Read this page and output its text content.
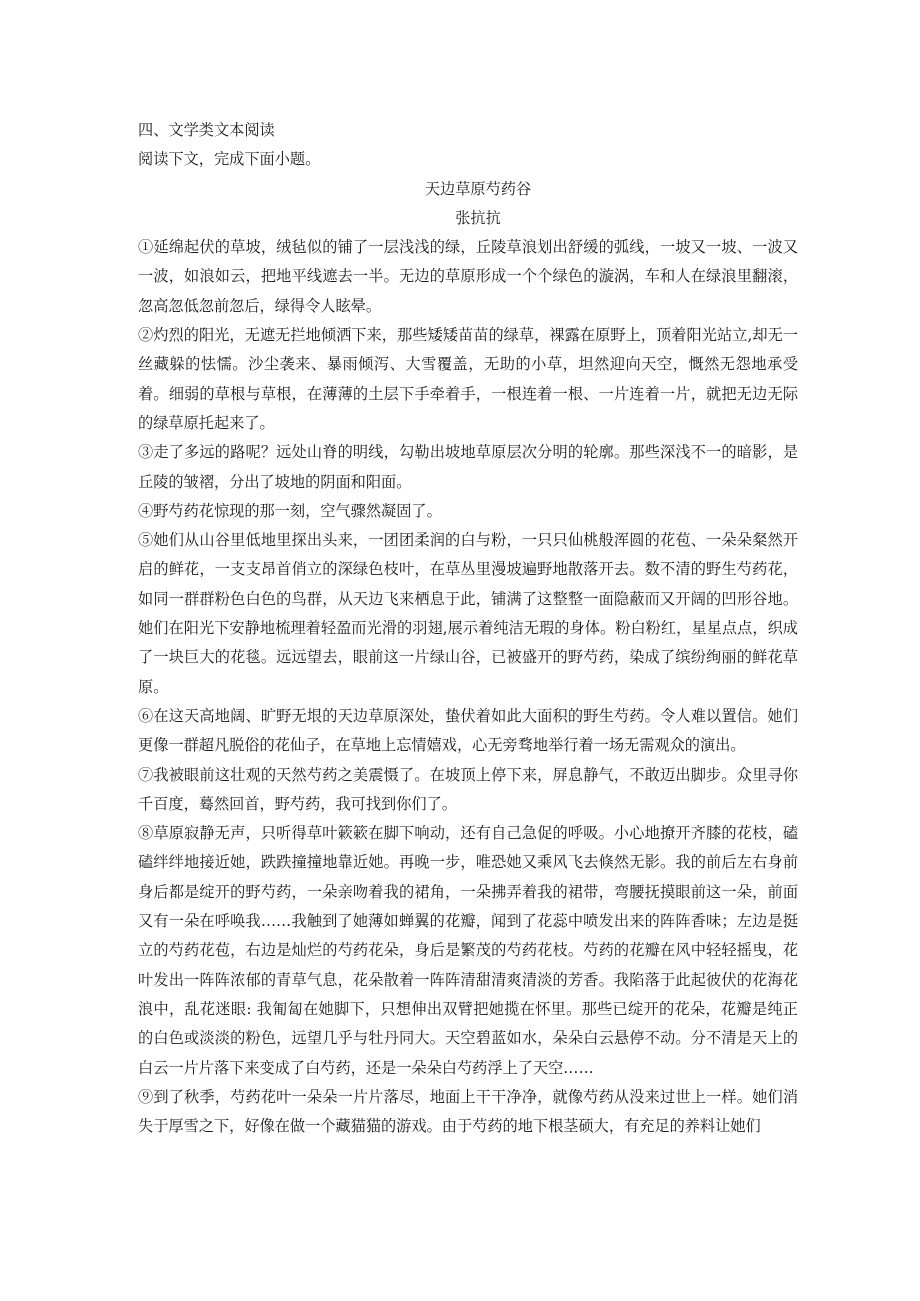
四、文学类文本阅读

阅读下文，完成下面小题。

天边草原芍药谷

张抗抗

①延绵起伏的草坡，绒毡似的铺了一层浅浅的绿，丘陵草浪划出舒缓的弧线，一坡又一坡、一波又一波，如浪如云，把地平线遮去一半。无边的草原形成一个个绿色的漩涡，车和人在绿浪里翻滚，忽高忽低忽前忽后，绿得令人眩晕。

②灼烈的阳光，无遮无拦地倾洒下来，那些矮矮苗苗的绿草，裸露在原野上，顶着阳光站立,却无一丝藏躲的怯懦。沙尘袭来、暴雨倾泻、大雪覆盖，无助的小草，坦然迎向天空，慨然无怨地承受着。细弱的草根与草根，在薄薄的土层下手牵着手，一根连着一根、一片连着一片，就把无边无际的绿草原托起来了。

③走了多远的路呢？远处山脊的明线，勾勒出坡地草原层次分明的轮廓。那些深浅不一的暗影，是丘陵的皱褶，分出了坡地的阴面和阳面。

④野芍药花惊现的那一刻，空气骤然凝固了。

⑤她们从山谷里低地里探出头来，一团团柔润的白与粉，一只只仙桃般浑圆的花苞、一朵朵粲然开启的鲜花，一支支昂首俏立的深绿色枝叶，在草丛里漫坡遍野地散落开去。数不清的野生芍药花，如同一群群粉色白色的鸟群，从天边飞来栖息于此，铺满了这整整一面隐蔽而又开阔的凹形谷地。她们在阳光下安静地梳理着轻盈而光滑的羽翅,展示着纯洁无瑕的身体。粉白粉红，星星点点，织成了一块巨大的花毯。远远望去，眼前这一片绿山谷，已被盛开的野芍药，染成了缤纷绚丽的鲜花草原。

⑥在这天高地阔、旷野无垠的天边草原深处，蛰伏着如此大面积的野生芍药。令人难以置信。她们更像一群超凡脱俗的花仙子，在草地上忘情嬉戏，心无旁骛地举行着一场无需观众的演出。

⑦我被眼前这壮观的天然芍药之美震慑了。在坡顶上停下来，屏息静气，不敢迈出脚步。众里寻你千百度，蓦然回首，野芍药，我可找到你们了。

⑧草原寂静无声，只听得草叶簌簌在脚下响动，还有自己急促的呼吸。小心地撩开齐膝的花枝，磕磕绊绊地接近她，跌跌撞撞地靠近她。再晚一步，唯恐她又乘风飞去倏然无影。我的前后左右身前身后都是绽开的野芍药，一朵亲吻着我的裙角，一朵拂弄着我的裙带，弯腰抚摸眼前这一朵，前面又有一朵在呼唤我……我触到了她薄如蝉翼的花瓣，闻到了花蕊中喷发出来的阵阵香味；左边是挺立的芍药花苞，右边是灿烂的芍药花朵，身后是繁茂的芍药花枝。芍药的花瓣在风中轻轻摇曳，花叶发出一阵阵浓郁的青草气息，花朵散着一阵阵清甜清爽清淡的芳香。我陷落于此起彼伏的花海花浪中，乱花迷眼: 我匍匐在她脚下，只想伸出双臂把她揽在怀里。那些已绽开的花朵，花瓣是纯正的白色或淡淡的粉色，远望几乎与牡丹同大。天空碧蓝如水，朵朵白云悬停不动。分不清是天上的白云一片片落下来变成了白芍药，还是一朵朵白芍药浮上了天空……

⑨到了秋季，芍药花叶一朵朵一片片落尽，地面上干干净净，就像芍药从没来过世上一样。她们消失于厚雪之下，好像在做一个藏猫猫的游戏。由于芍药的地下根茎硕大，有充足的养料让她们
